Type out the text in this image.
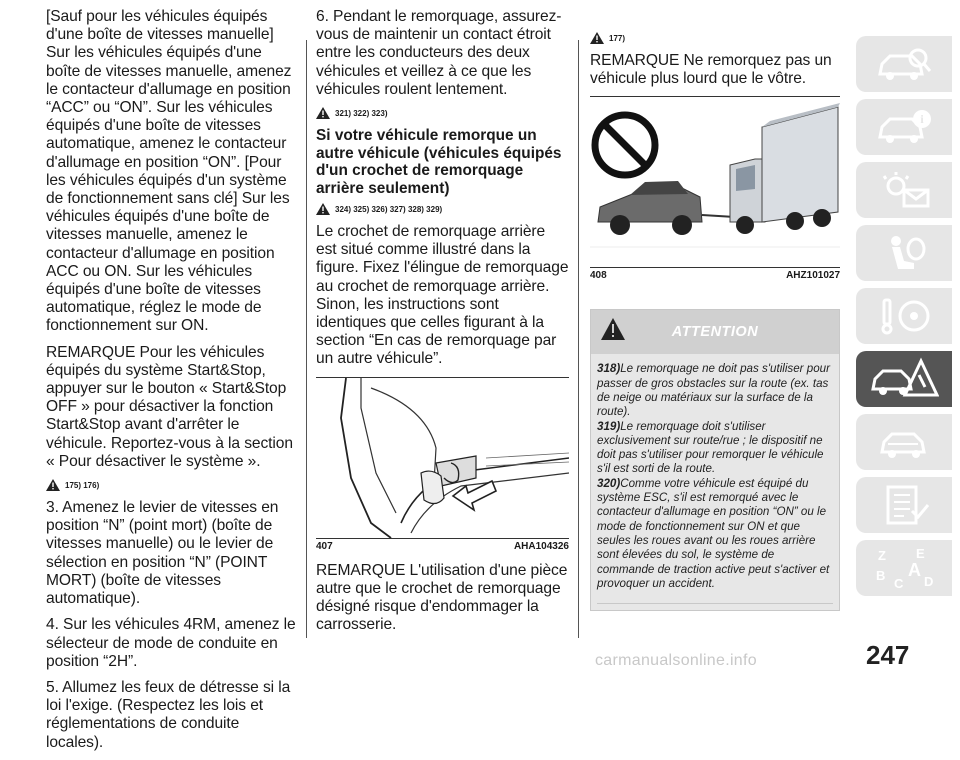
[Sauf pour les véhicules équipés d'une boîte de vitesses manuelle] Sur les véhicules équipés d'une boîte de vitesses manuelle, amenez le contacteur d'allumage en position “ACC” ou “ON”. Sur les véhicules équipés d'une boîte de vitesses automatique, amenez le contacteur d'allumage en position “ON”. [Pour les véhicules équipés d'un système de fonctionnement sans clé] Sur les véhicules équipés d'une boîte de vitesses manuelle, amenez le contacteur d'allumage en position ACC ou ON. Sur les véhicules équipés d'une boîte de vitesses automatique, réglez le mode de fonctionnement sur ON.

REMARQUE Pour les véhicules équipés du système Start&Stop, appuyer sur le bouton « Start&Stop OFF » pour désactiver la fonction Start&Stop avant d'arrêter le véhicule. Reportez-vous à la section « Pour désactiver le système ».

175) 176)

3. Amenez le levier de vitesses en position “N” (point mort) (boîte de vitesses manuelle) ou le levier de sélection en position “N” (POINT MORT) (boîte de vitesses automatique).

4. Sur les véhicules 4RM, amenez le sélecteur de mode de conduite en position “2H”.

5. Allumez les feux de détresse si la loi l'exige. (Respectez les lois et réglementations de conduite locales).

6. Pendant le remorquage, assurez-vous de maintenir un contact étroit entre les conducteurs des deux véhicules et veillez à ce que les véhicules roulent lentement.

321) 322) 323)
Si votre véhicule remorque un autre véhicule (véhicules équipés d'un crochet de remorquage arrière seulement)
324) 325) 326) 327) 328) 329)

Le crochet de remorquage arrière est situé comme illustré dans la figure. Fixez l'élingue de remorquage au crochet de remorquage arrière. Sinon, les instructions sont identiques que celles figurant à la section “En cas de remorquage par un autre véhicule”.

407	AHA104326

REMARQUE L'utilisation d'une pièce autre que le crochet de remorquage désigné risque d'endommager la carrosserie.

177)

REMARQUE Ne remorquez pas un véhicule plus lourd que le vôtre.

408	AHZ101027
ATTENTION
318)Le remorquage ne doit pas s'utiliser pour passer de gros obstacles sur la route (ex. tas de neige ou matériaux sur la surface de la route).
319)Le remorquage doit s'utiliser exclusivement sur route/rue ; le dispositif ne doit pas s'utiliser pour remorquer le véhicule s'il est sorti de la route.
320)Comme votre véhicule est équipé du système ESC, s'il est remorqué avec le contacteur d'allumage en position “ON” ou le mode de fonctionnement sur ON et que seules les roues avant ou les roues arrière sont élevées du sol, le système de commande de traction active peut s'activer et provoquer un accident.
i
Z E
B
C
A
D
247
carmanualsonline.info
